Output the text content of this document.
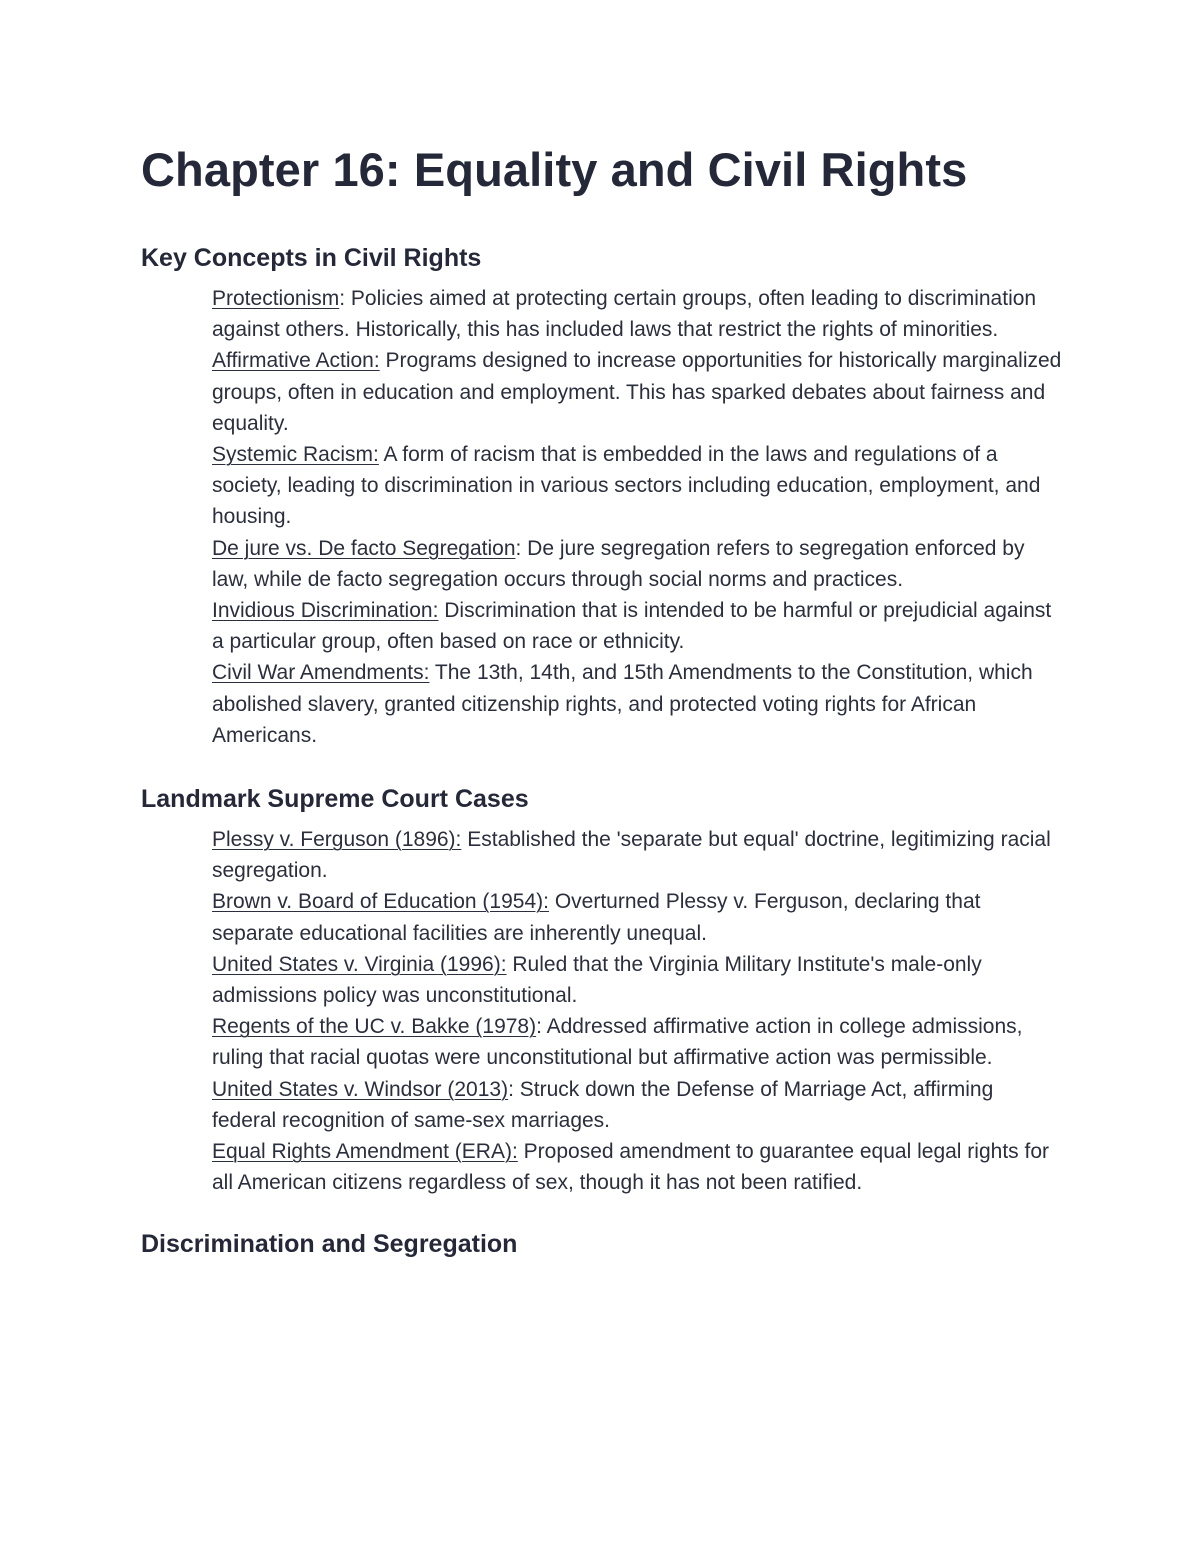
Chapter 16: Equality and Civil Rights
Key Concepts in Civil Rights
Protectionism: Policies aimed at protecting certain groups, often leading to discrimination against others. Historically, this has included laws that restrict the rights of minorities.
Affirmative Action: Programs designed to increase opportunities for historically marginalized groups, often in education and employment. This has sparked debates about fairness and equality.
Systemic Racism: A form of racism that is embedded in the laws and regulations of a society, leading to discrimination in various sectors including education, employment, and housing.
De jure vs. De facto Segregation: De jure segregation refers to segregation enforced by law, while de facto segregation occurs through social norms and practices.
Invidious Discrimination: Discrimination that is intended to be harmful or prejudicial against a particular group, often based on race or ethnicity.
Civil War Amendments: The 13th, 14th, and 15th Amendments to the Constitution, which abolished slavery, granted citizenship rights, and protected voting rights for African Americans.
Landmark Supreme Court Cases
Plessy v. Ferguson (1896): Established the 'separate but equal' doctrine, legitimizing racial segregation.
Brown v. Board of Education (1954): Overturned Plessy v. Ferguson, declaring that separate educational facilities are inherently unequal.
United States v. Virginia (1996): Ruled that the Virginia Military Institute's male-only admissions policy was unconstitutional.
Regents of the UC v. Bakke (1978): Addressed affirmative action in college admissions, ruling that racial quotas were unconstitutional but affirmative action was permissible.
United States v. Windsor (2013): Struck down the Defense of Marriage Act, affirming federal recognition of same-sex marriages.
Equal Rights Amendment (ERA): Proposed amendment to guarantee equal legal rights for all American citizens regardless of sex, though it has not been ratified.
Discrimination and Segregation
